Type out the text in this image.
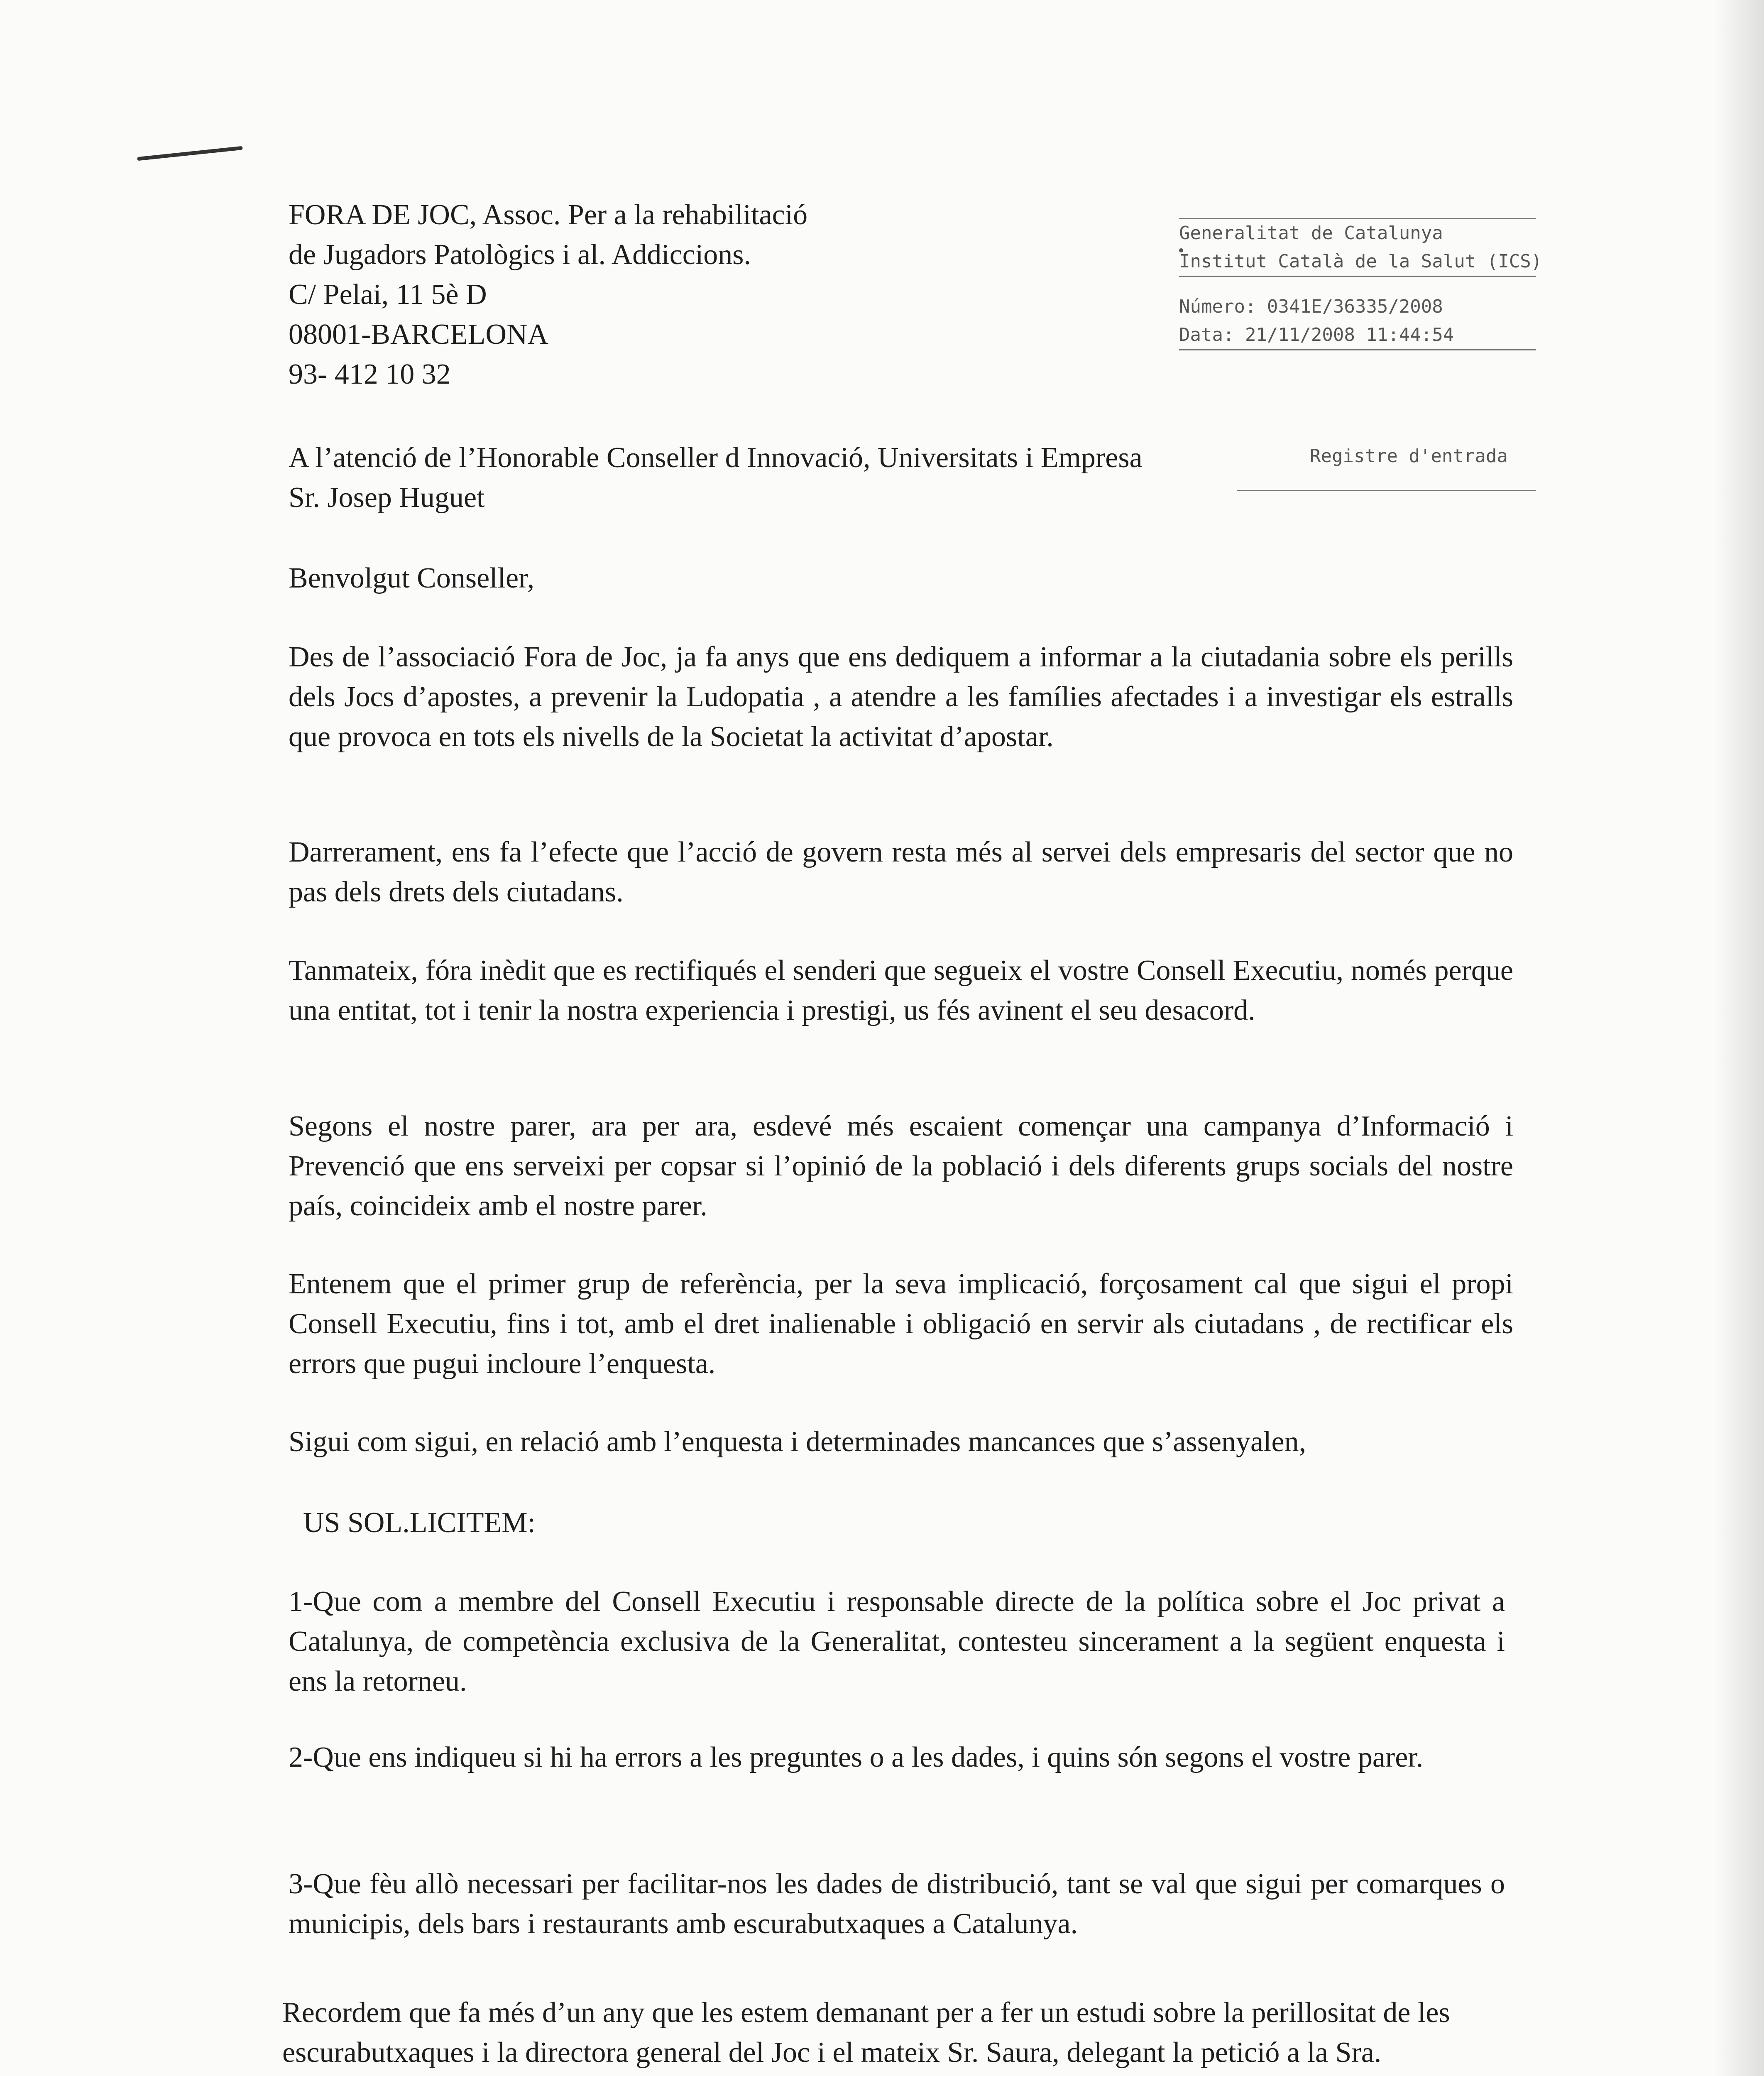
FORA DE JOC, Assoc. Per a la rehabilitació
de Jugadors Patològics i al. Addiccions.
C/ Pelai, 11 5è D
08001-BARCELONA
93- 412 10 32
Generalitat de Catalunya
Institut Català de la Salut (ICS)
Número: 0341E/36335/2008
Data: 21/11/2008 11:44:54
Registre d'entrada
A l’atenció de l’Honorable Conseller d Innovació, Universitats i Empresa
Sr. Josep Huguet
Benvolgut Conseller,
Des de l’associació Fora de Joc, ja fa anys que ens dediquem a informar a la ciutadania sobre els perills dels Jocs d’apostes, a prevenir la Ludopatia , a atendre a les famílies afectades i a investigar els estralls que provoca en tots els nivells de la Societat la activitat d’apostar.
Darrerament, ens fa l’efecte que l’acció de govern resta més al servei dels empresaris del sector que no pas dels drets dels ciutadans.
Tanmateix, fóra inèdit que es rectifiqués el senderi que segueix el vostre Consell Executiu, només perque una entitat, tot i tenir la nostra experiencia i prestigi, us fés avinent el seu desacord.
Segons el nostre parer, ara per ara, esdevé més escaient començar una campanya d’Informació i Prevenció que ens serveixi per copsar si l’opinió de la població i dels diferents grups socials del nostre país, coincideix amb el nostre parer.
Entenem que el primer grup de referència, per la seva implicació, forçosament cal que sigui el propi Consell Executiu, fins i tot, amb el dret inalienable i obligació en servir als ciutadans , de rectificar els errors que pugui incloure l’enquesta.
Sigui com sigui, en relació amb l’enquesta i determinades mancances que s’assenyalen,
US SOL.LICITEM:
1-Que com a membre del Consell Executiu i responsable directe de la política sobre el Joc privat a Catalunya, de competència exclusiva de la Generalitat, contesteu sincerament a la següent enquesta i ens la retorneu.
2-Que ens indiqueu si hi ha errors a les preguntes o a les dades, i quins són segons el vostre parer.
3-Que fèu allò necessari per facilitar-nos les dades de distribució, tant se val que sigui per comarques o municipis, dels bars i restaurants amb escurabutxaques a Catalunya.
Recordem que fa més d’un any que les estem demanant per a fer un estudi sobre la perillositat de les escurabutxaques i la directora general del Joc i el mateix Sr. Saura, delegant la petició a la Sra.
